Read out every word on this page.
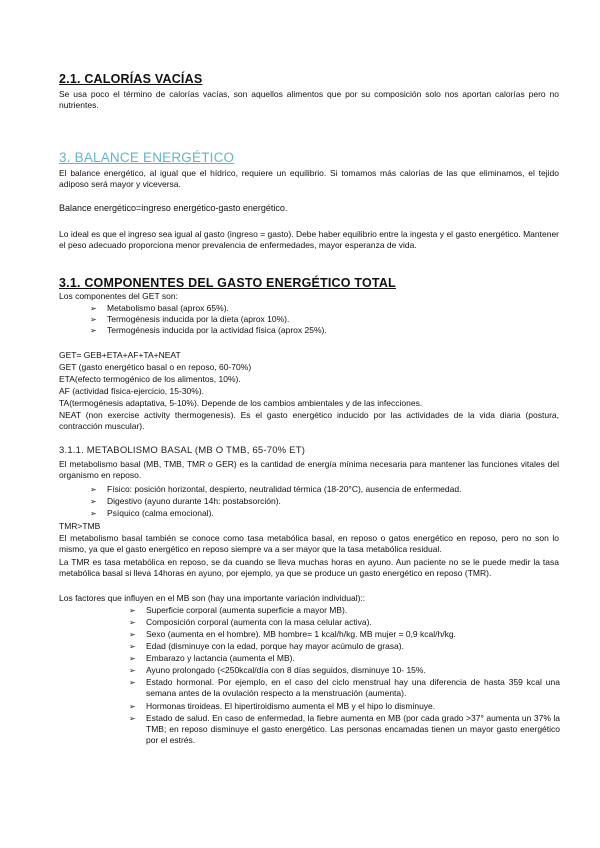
2.1. CALORÍAS VACÍAS
Se usa poco el término de calorías vacías, son aquellos alimentos que por su composición solo nos aportan calorías pero no nutrientes.
3. BALANCE ENERGÉTICO
El balance energético, al igual que el hídrico, requiere un equilibrio. Si tomamos más calorías de las que eliminamos, el tejido adiposo será mayor y viceversa.
Balance energético=ingreso energético-gasto energético.
Lo ideal es que el ingreso sea igual al gasto (ingreso = gasto). Debe haber equilibrio entre la ingesta y el gasto energético. Mantener el peso adecuado proporciona menor prevalencia de enfermedades, mayor esperanza de vida.
3.1. COMPONENTES DEL GASTO ENERGÉTICO TOTAL
Los componentes del GET son:
➢ Metabolismo basal (aprox 65%).
➢ Termogénesis inducida por la dieta (aprox 10%).
➢ Termogénesis inducida por la actividad física (aprox 25%).
GET= GEB+ETA+AF+TA+NEAT
GET (gasto energético basal o en reposo, 60-70%)
ETA(efecto termogénico de los alimentos, 10%).
AF (actividad física-ejercicio, 15-30%).
TA(termogénesis adaptativa, 5-10%). Depende de los cambios ambientales y de las infecciones.
NEAT (non exercise activity thermogenesis). Es el gasto energético inducido por las actividades de la vida diaria (postura, contracción muscular).
3.1.1. METABOLISMO BASAL (MB O TMB, 65-70% ET)
El metabolismo basal (MB, TMB, TMR o GER) es la cantidad de energía mínima necesaria para mantener las funciones vitales del organismo en reposo.
➢ Físico: posición horizontal, despierto, neutralidad térmica (18-20°C), ausencia de enfermedad.
➢ Digestivo (ayuno durante 14h: postabsorción).
➢ Psíquico (calma emocional).
TMR>TMB
El metabolismo basal también se conoce como tasa metabólica basal, en reposo o gatos energético en reposo, pero no son lo mismo, ya que el gasto energético en reposo siempre va a ser mayor que la tasa metabólica residual.
La TMR es tasa metabólica en reposo, se da cuando se lleva muchas horas en ayuno. Aun paciente no se le puede medir la tasa metabólica basal si lleva 14horas en ayuno, por ejemplo, ya que se produce un gasto energético en reposo (TMR).
Los factores que influyen en el MB son (hay una importante variación individual)::
➢ Superficie corporal (aumenta superficie a mayor MB).
➢ Composición corporal (aumenta con la masa celular activa).
➢ Sexo (aumenta en el hombre). MB hombre= 1 kcal/h/kg. MB mujer = 0,9 kcal/h/kg.
➢ Edad (disminuye con la edad, porque hay mayor acúmulo de grasa).
➢ Embarazo y lactancia (aumenta el MB).
➢ Ayuno prolongado (<250kcal/día con 8 días seguidos, disminuye 10- 15%.
➢ Estado hormonal. Por ejemplo, en el caso del ciclo menstrual hay una diferencia de hasta 359 kcal una semana antes de la ovulación respecto a la menstruación (aumenta).
➢ Hormonas tiroideas. El hipertiroidismo aumenta el MB y el hipo lo disminuye.
➢ Estado de salud. En caso de enfermedad, la fiebre aumenta en MB (por cada grado >37° aumenta un 37% la TMB; en reposo disminuye el gasto energético. Las personas encamadas tienen un mayor gasto energético por el estrés.
